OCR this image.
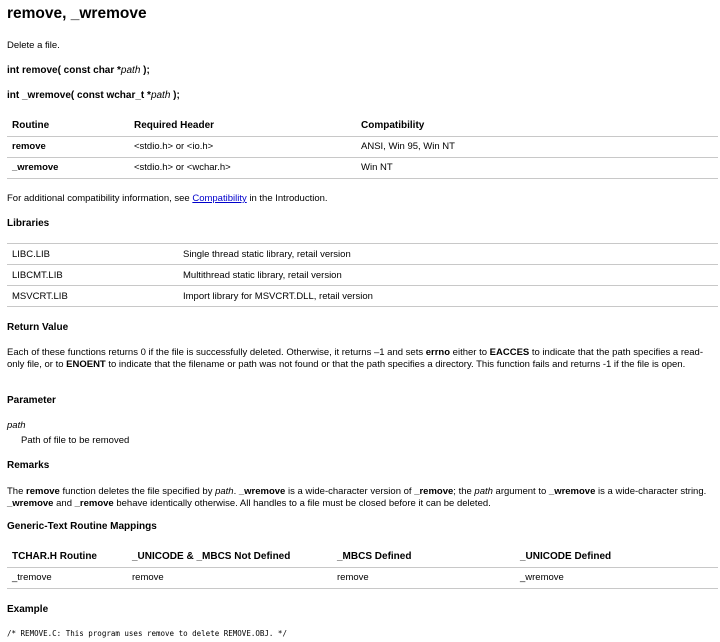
remove, _wremove
Delete a file.
int remove( const char *path );
int _wremove( const wchar_t *path );
Routine	Required Header	Compatibility
remove	<stdio.h> or <io.h>	ANSI, Win 95, Win NT
_wremove	<stdio.h> or <wchar.h>	Win NT
For additional compatibility information, see Compatibility in the Introduction.
Libraries
LIBC.LIB	Single thread static library, retail version
LIBCMT.LIB	Multithread static library, retail version
MSVCRT.LIB	Import library for MSVCRT.DLL, retail version
Return Value
Each of these functions returns 0 if the file is successfully deleted. Otherwise, it returns –1 and sets errno either to EACCES to indicate that the path specifies a read-only file, or to ENOENT to indicate that the filename or path was not found or that the path specifies a directory. This function fails and returns -1 if the file is open.
Parameter
path
Path of file to be removed
Remarks
The remove function deletes the file specified by path. _wremove is a wide-character version of _remove; the path argument to _wremove is a wide-character string. _wremove and _remove behave identically otherwise. All handles to a file must be closed before it can be deleted.
Generic-Text Routine Mappings
TCHAR.H Routine	_UNICODE & _MBCS Not Defined	_MBCS Defined	_UNICODE Defined
_tremove	remove	remove	_wremove
Example
/* REMOVE.C: This program uses remove to delete REMOVE.OBJ. */
